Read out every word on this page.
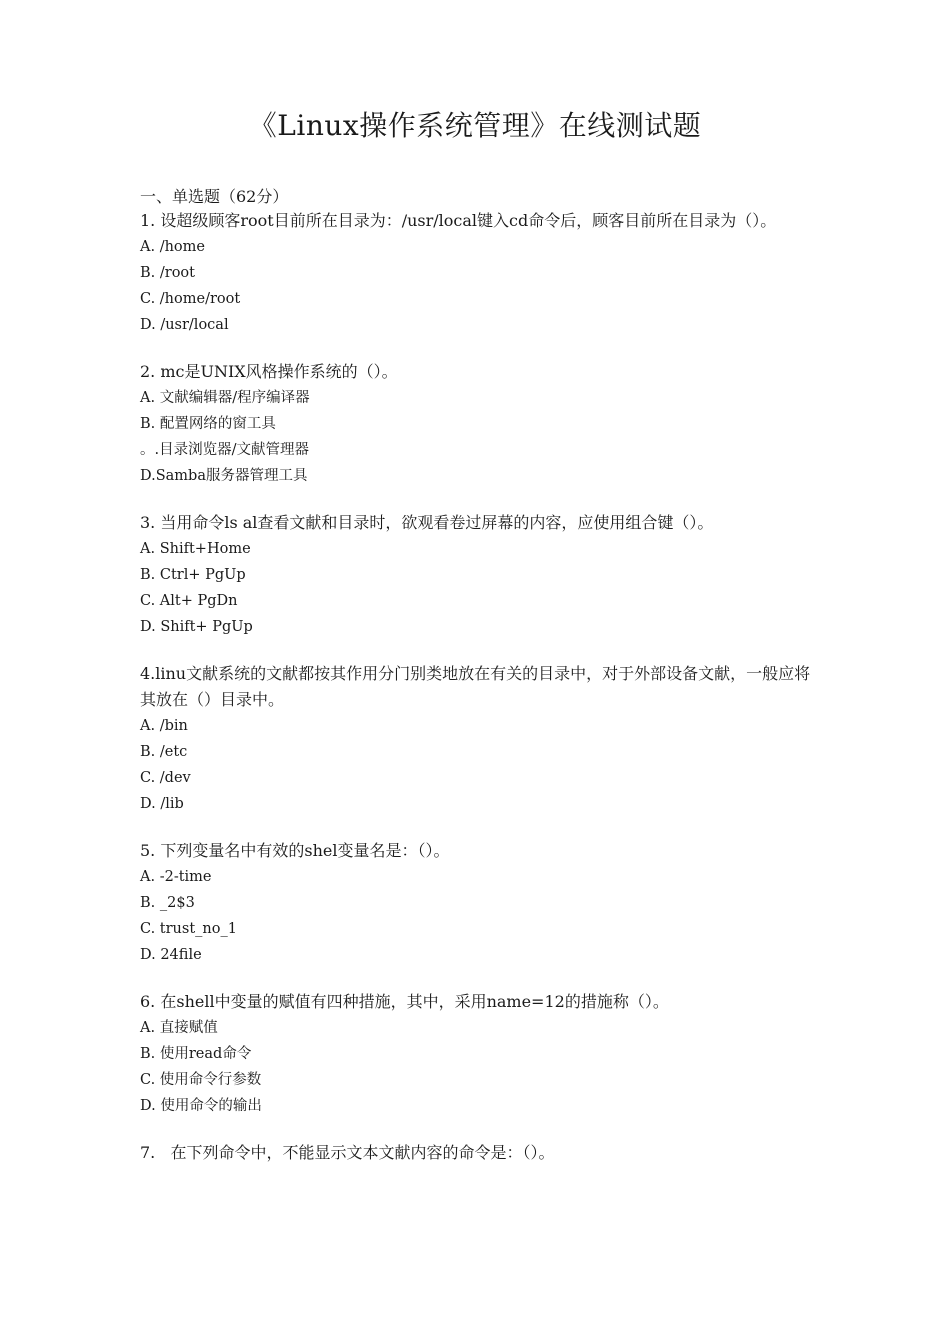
《Linux操作系统管理》在线测试题
一、单选题（62分）

1. 设超级顾客root目前所在目录为：/usr/local键入cd命令后，顾客目前所在目录为（）。

A. /home

B. /root

C. /home/root

D. /usr/local

2. mc是UNIX风格操作系统的（）。

A. 文献编辑器/程序编译器

B. 配置网络的窗工具

。.目录浏览器/文献管理器

D.Samba服务器管理工具

3. 当用命令ls al查看文献和目录时，欲观看卷过屏幕的内容，应使用组合键（）。

A. Shift+Home

B. Ctrl+ PgUp

C. Alt+ PgDn

D. Shift+ PgUp

4.linu文献系统的文献都按其作用分门别类地放在有关的目录中，对于外部设备文献，一般应将其放在（）目录中。

A. /bin

B. /etc

C. /dev

D. /lib

5. 下列变量名中有效的shel变量名是：（）。

A. -2-time

B. _2$3

C. trust_no_1

D. 24file

6. 在shell中变量的赋值有四种措施，其中，采用name=12的措施称（）。

A. 直接赋值

B. 使用read命令

C. 使用命令行参数

D. 使用命令的输出

7.   在下列命令中，不能显示文本文献内容的命令是：（）。
